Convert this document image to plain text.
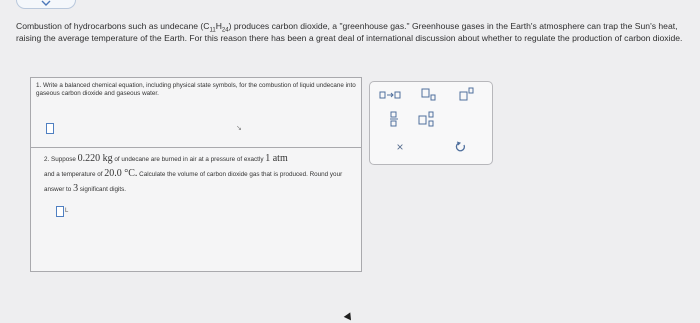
Combustion of hydrocarbons such as undecane $(C_{11}H_{24})$ produces carbon dioxide, a "greenhouse gas." Greenhouse gases in the Earth's atmosphere can trap the Sun's heat, raising the average temperature of the Earth. For this reason there has been a great deal of international discussion about whether to regulate the production of carbon dioxide.
1. Write a balanced chemical equation, including physical state symbols, for the combustion of liquid undecane into gaseous carbon dioxide and gaseous water.
↘
2. Suppose 0.220 kg of undecane are burned in air at a pressure of exactly 1 atm
and a temperature of 20.0 °C. Calculate the volume of carbon dioxide gas that is produced. Round your answer to 3 significant digits.
L
×
